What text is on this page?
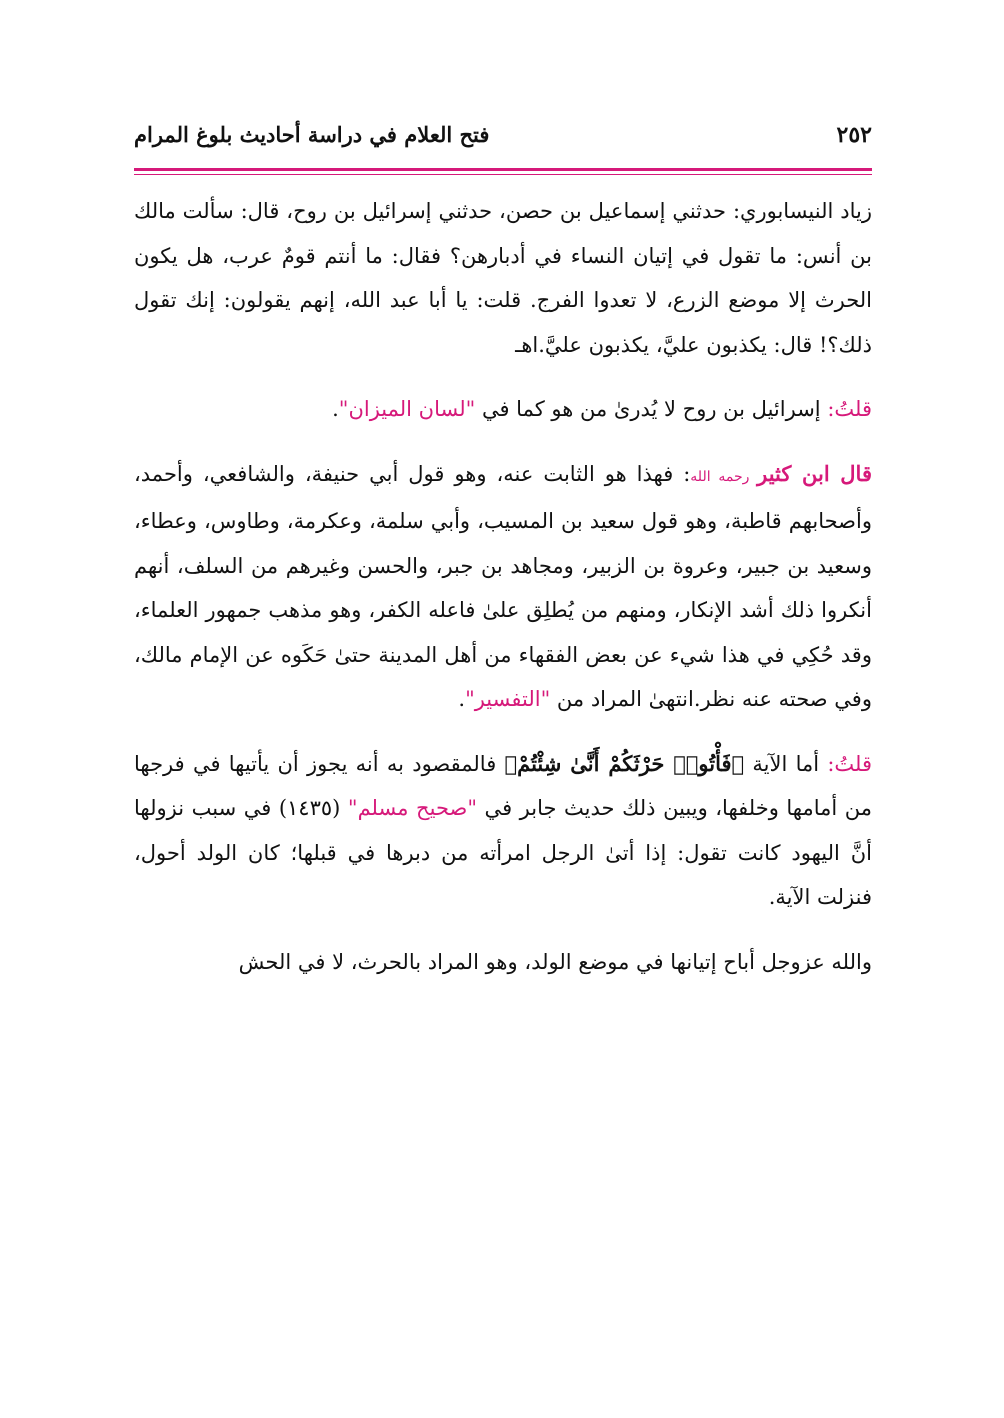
٢٥٢
فتح العلام في دراسة أحاديث بلوغ المرام

زياد النيسابوري: حدثني إسماعيل بن حصن، حدثني إسرائيل بن روح، قال: سألت مالك بن أنس: ما تقول في إتيان النساء في أدبارهن؟ فقال: ما أنتم قومٌ عرب، هل يكون الحرث إلا موضع الزرع، لا تعدوا الفرج. قلت: يا أبا عبد الله، إنهم يقولون: إنك تقول ذلك؟! قال: يكذبون عليَّ، يكذبون عليَّ.اهـ

قلتُ: إسرائيل بن روح لا يُدرىٰ من هو كما في "لسان الميزان".

قال ابن كثير رحمه الله: فهذا هو الثابت عنه، وهو قول أبي حنيفة، والشافعي، وأحمد، وأصحابهم قاطبة، وهو قول سعيد بن المسيب، وأبي سلمة، وعكرمة، وطاوس، وعطاء، وسعيد بن جبير، وعروة بن الزبير، ومجاهد بن جبر، والحسن وغيرهم من السلف، أنهم أنكروا ذلك أشد الإنكار، ومنهم من يُطلِق علىٰ فاعله الكفر، وهو مذهب جمهور العلماء، وقد حُكِي في هذا شيء عن بعض الفقهاء من أهل المدينة حتىٰ حَكَوه عن الإمام مالك، وفي صحته عنه نظر.انتهىٰ المراد من "التفسير".

قلتُ: أما الآية ﴿فَأْتُوا۟ حَرْثَكُمْ أَنَّىٰ شِئْتُمْ﴾ فالمقصود به أنه يجوز أن يأتيها في فرجها من أمامها وخلفها، ويبين ذلك حديث جابر في "صحيح مسلم" (١٤٣٥) في سبب نزولها أنَّ اليهود كانت تقول: إذا أتىٰ الرجل امرأته من دبرها في قبلها؛ كان الولد أحول، فنزلت الآية.

والله عزوجل أباح إتيانها في موضع الولد، وهو المراد بالحرث، لا في الحش
